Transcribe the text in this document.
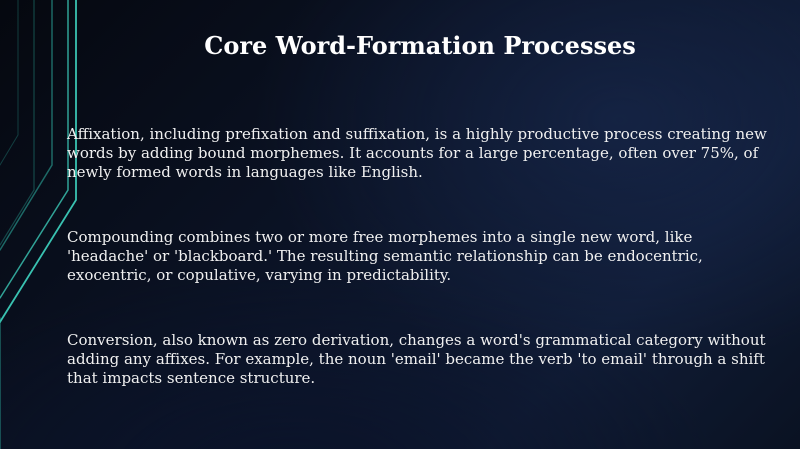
Core Word-Formation Processes

Affixation, including prefixation and suffixation, is a highly productive process creating new words by adding bound morphemes. It accounts for a large percentage, often over 75%, of newly formed words in languages like English.

Compounding combines two or more free morphemes into a single new word, like 'headache' or 'blackboard.' The resulting semantic relationship can be endocentric, exocentric, or copulative, varying in predictability.

Conversion, also known as zero derivation, changes a word's grammatical category without adding any affixes. For example, the noun 'email' became the verb 'to email' through a shift that impacts sentence structure.
